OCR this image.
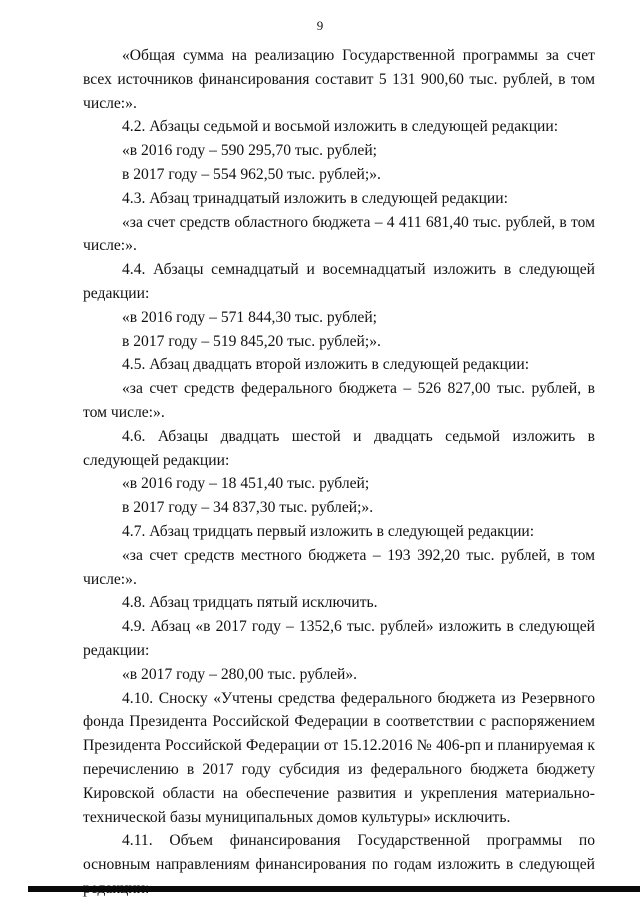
9

«Общая сумма на реализацию Государственной программы за счет всех источников финансирования составит 5 131 900,60 тыс. рублей, в том числе:».

4.2. Абзацы седьмой и восьмой изложить в следующей редакции:

«в 2016 году – 590 295,70 тыс. рублей;

в 2017 году – 554 962,50 тыс. рублей;».

4.3. Абзац тринадцатый изложить в следующей редакции:

«за счет средств областного бюджета – 4 411 681,40 тыс. рублей, в том числе:».

4.4. Абзацы семнадцатый и восемнадцатый изложить в следующей редакции:

«в 2016 году – 571 844,30 тыс. рублей;

в 2017 году – 519 845,20 тыс. рублей;».

4.5. Абзац двадцать второй изложить в следующей редакции:

«за счет средств федерального бюджета – 526 827,00 тыс. рублей, в том числе:».

4.6. Абзацы двадцать шестой и двадцать седьмой изложить в следующей редакции:

«в 2016 году – 18 451,40 тыс. рублей;

в 2017 году – 34 837,30 тыс. рублей;».

4.7. Абзац тридцать первый изложить в следующей редакции:

«за счет средств местного бюджета – 193 392,20 тыс. рублей, в том числе:».

4.8. Абзац тридцать пятый исключить.

4.9. Абзац «в 2017 году – 1352,6 тыс. рублей» изложить в следующей редакции:

«в 2017 году – 280,00 тыс. рублей».

4.10. Сноску «Учтены средства федерального бюджета из Резервного фонда Президента Российской Федерации в соответствии с распоряжением Президента Российской Федерации от 15.12.2016 № 406-рп и планируемая к перечислению в 2017 году субсидия из федерального бюджета бюджету Кировской области на обеспечение развития и укрепления материально-технической базы муниципальных домов культуры» исключить.

4.11. Объем финансирования Государственной программы по основным направлениям финансирования по годам изложить в следующей
